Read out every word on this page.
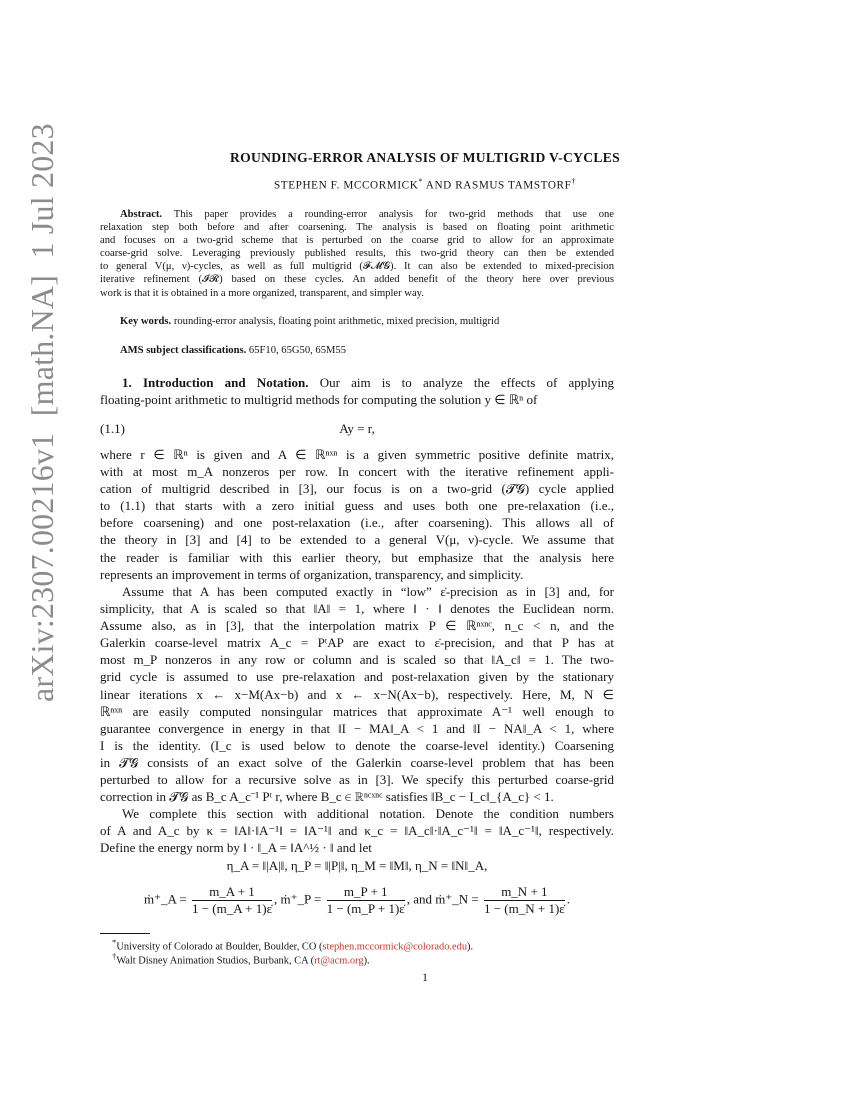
arXiv:2307.00216v1  [math.NA]  1 Jul 2023	ROUNDING-ERROR ANALYSIS OF MULTIGRID V-CYCLES
STEPHEN F. MCCORMICK* AND RASMUS TAMSTORF†
Abstract. This paper provides a rounding-error analysis for two-grid methods that use one
relaxation step both before and after coarsening. The analysis is based on floating point arithmetic
and focuses on a two-grid scheme that is perturbed on the coarse grid to allow for an approximate
coarse-grid solve. Leveraging previously published results, this two-grid theory can then be extended
to general V(μ, ν)-cycles, as well as full multigrid (𝓕𝓜𝓖). It can also be extended to mixed-precision
iterative refinement (𝓘𝓡) based on these cycles. An added benefit of the theory here over previous
work is that it is obtained in a more organized, transparent, and simpler way.
Key words. rounding-error analysis, floating point arithmetic, mixed precision, multigrid
AMS subject classifications. 65F10, 65G50, 65M55
1. Introduction and Notation. Our aim is to analyze the effects of applying
floating-point arithmetic to multigrid methods for computing the solution y ∈ ℝⁿ of
(1.1)	Ay = r,
where r ∈ ℝⁿ is given and A ∈ ℝⁿˣⁿ is a given symmetric positive definite matrix,
with at most m_A nonzeros per row. In concert with the iterative refinement appli-
cation of multigrid described in [3], our focus is on a two-grid (𝓣𝓖) cycle applied
to (1.1) that starts with a zero initial guess and uses both one pre-relaxation (i.e.,
before coarsening) and one post-relaxation (i.e., after coarsening). This allows all of
the theory in [3] and [4] to be extended to a general V(μ, ν)-cycle. We assume that
the reader is familiar with this earlier theory, but emphasize that the analysis here
represents an improvement in terms of organization, transparency, and simplicity.
Assume that A has been computed exactly in “low” ε̇-precision as in [3] and, for
simplicity, that A is scaled so that ‖A‖ = 1, where ‖ · ‖ denotes the Euclidean norm.
Assume also, as in [3], that the interpolation matrix P ∈ ℝⁿˣⁿᶜ, n_c < n, and the
Galerkin coarse-level matrix A_c = PᵗAP are exact to ε̇-precision, and that P has at
most m_P nonzeros in any row or column and is scaled so that ‖A_c‖ = 1. The two-
grid cycle is assumed to use pre-relaxation and post-relaxation given by the stationary
linear iterations x ← x−M(Ax−b) and x ← x−N(Ax−b), respectively. Here, M, N ∈
ℝⁿˣⁿ are easily computed nonsingular matrices that approximate A⁻¹ well enough to
guarantee convergence in energy in that ‖I − MA‖_A < 1 and ‖I − NA‖_A < 1, where
I is the identity. (I_c is used below to denote the coarse-level identity.) Coarsening
in 𝓣𝓖 consists of an exact solve of the Galerkin coarse-level problem that has been
perturbed to allow for a recursive solve as in [3]. We specify this perturbed coarse-grid
correction in 𝓣𝓖 as B_c A_c⁻¹ Pᵗ r, where B_c ∈ ℝⁿᶜˣⁿᶜ satisfies ‖B_c − I_c‖_{A_c} < 1.
We complete this section with additional notation. Denote the condition numbers
of A and A_c by κ = ‖A‖·‖A⁻¹‖ = ‖A⁻¹‖ and κ_c = ‖A_c‖·‖A_c⁻¹‖ = ‖A_c⁻¹‖, respectively.
Define the energy norm by ‖ · ‖_A = ‖A^½ · ‖ and let
η_A = ‖|A|‖, η_P = ‖|P|‖, η_M = ‖M‖, η_N = ‖N‖_A,
ṁ⁺_A = $\frac{m\_A + 1}{1 - (m\_A + 1)\varepsiloṅ}$ , ṁ⁺_P = $\frac{m\_P + 1}{1 - (m\_P + 1)\varepsiloṅ}$ , and ṁ⁺_N = $\frac{m\_N + 1}{1 - (m\_N + 1)\varepsiloṅ}$ .
*University of Colorado at Boulder, Boulder, CO (stephen.mccormick@colorado.edu).
†Walt Disney Animation Studios, Burbank, CA (rt@acm.org).
1
